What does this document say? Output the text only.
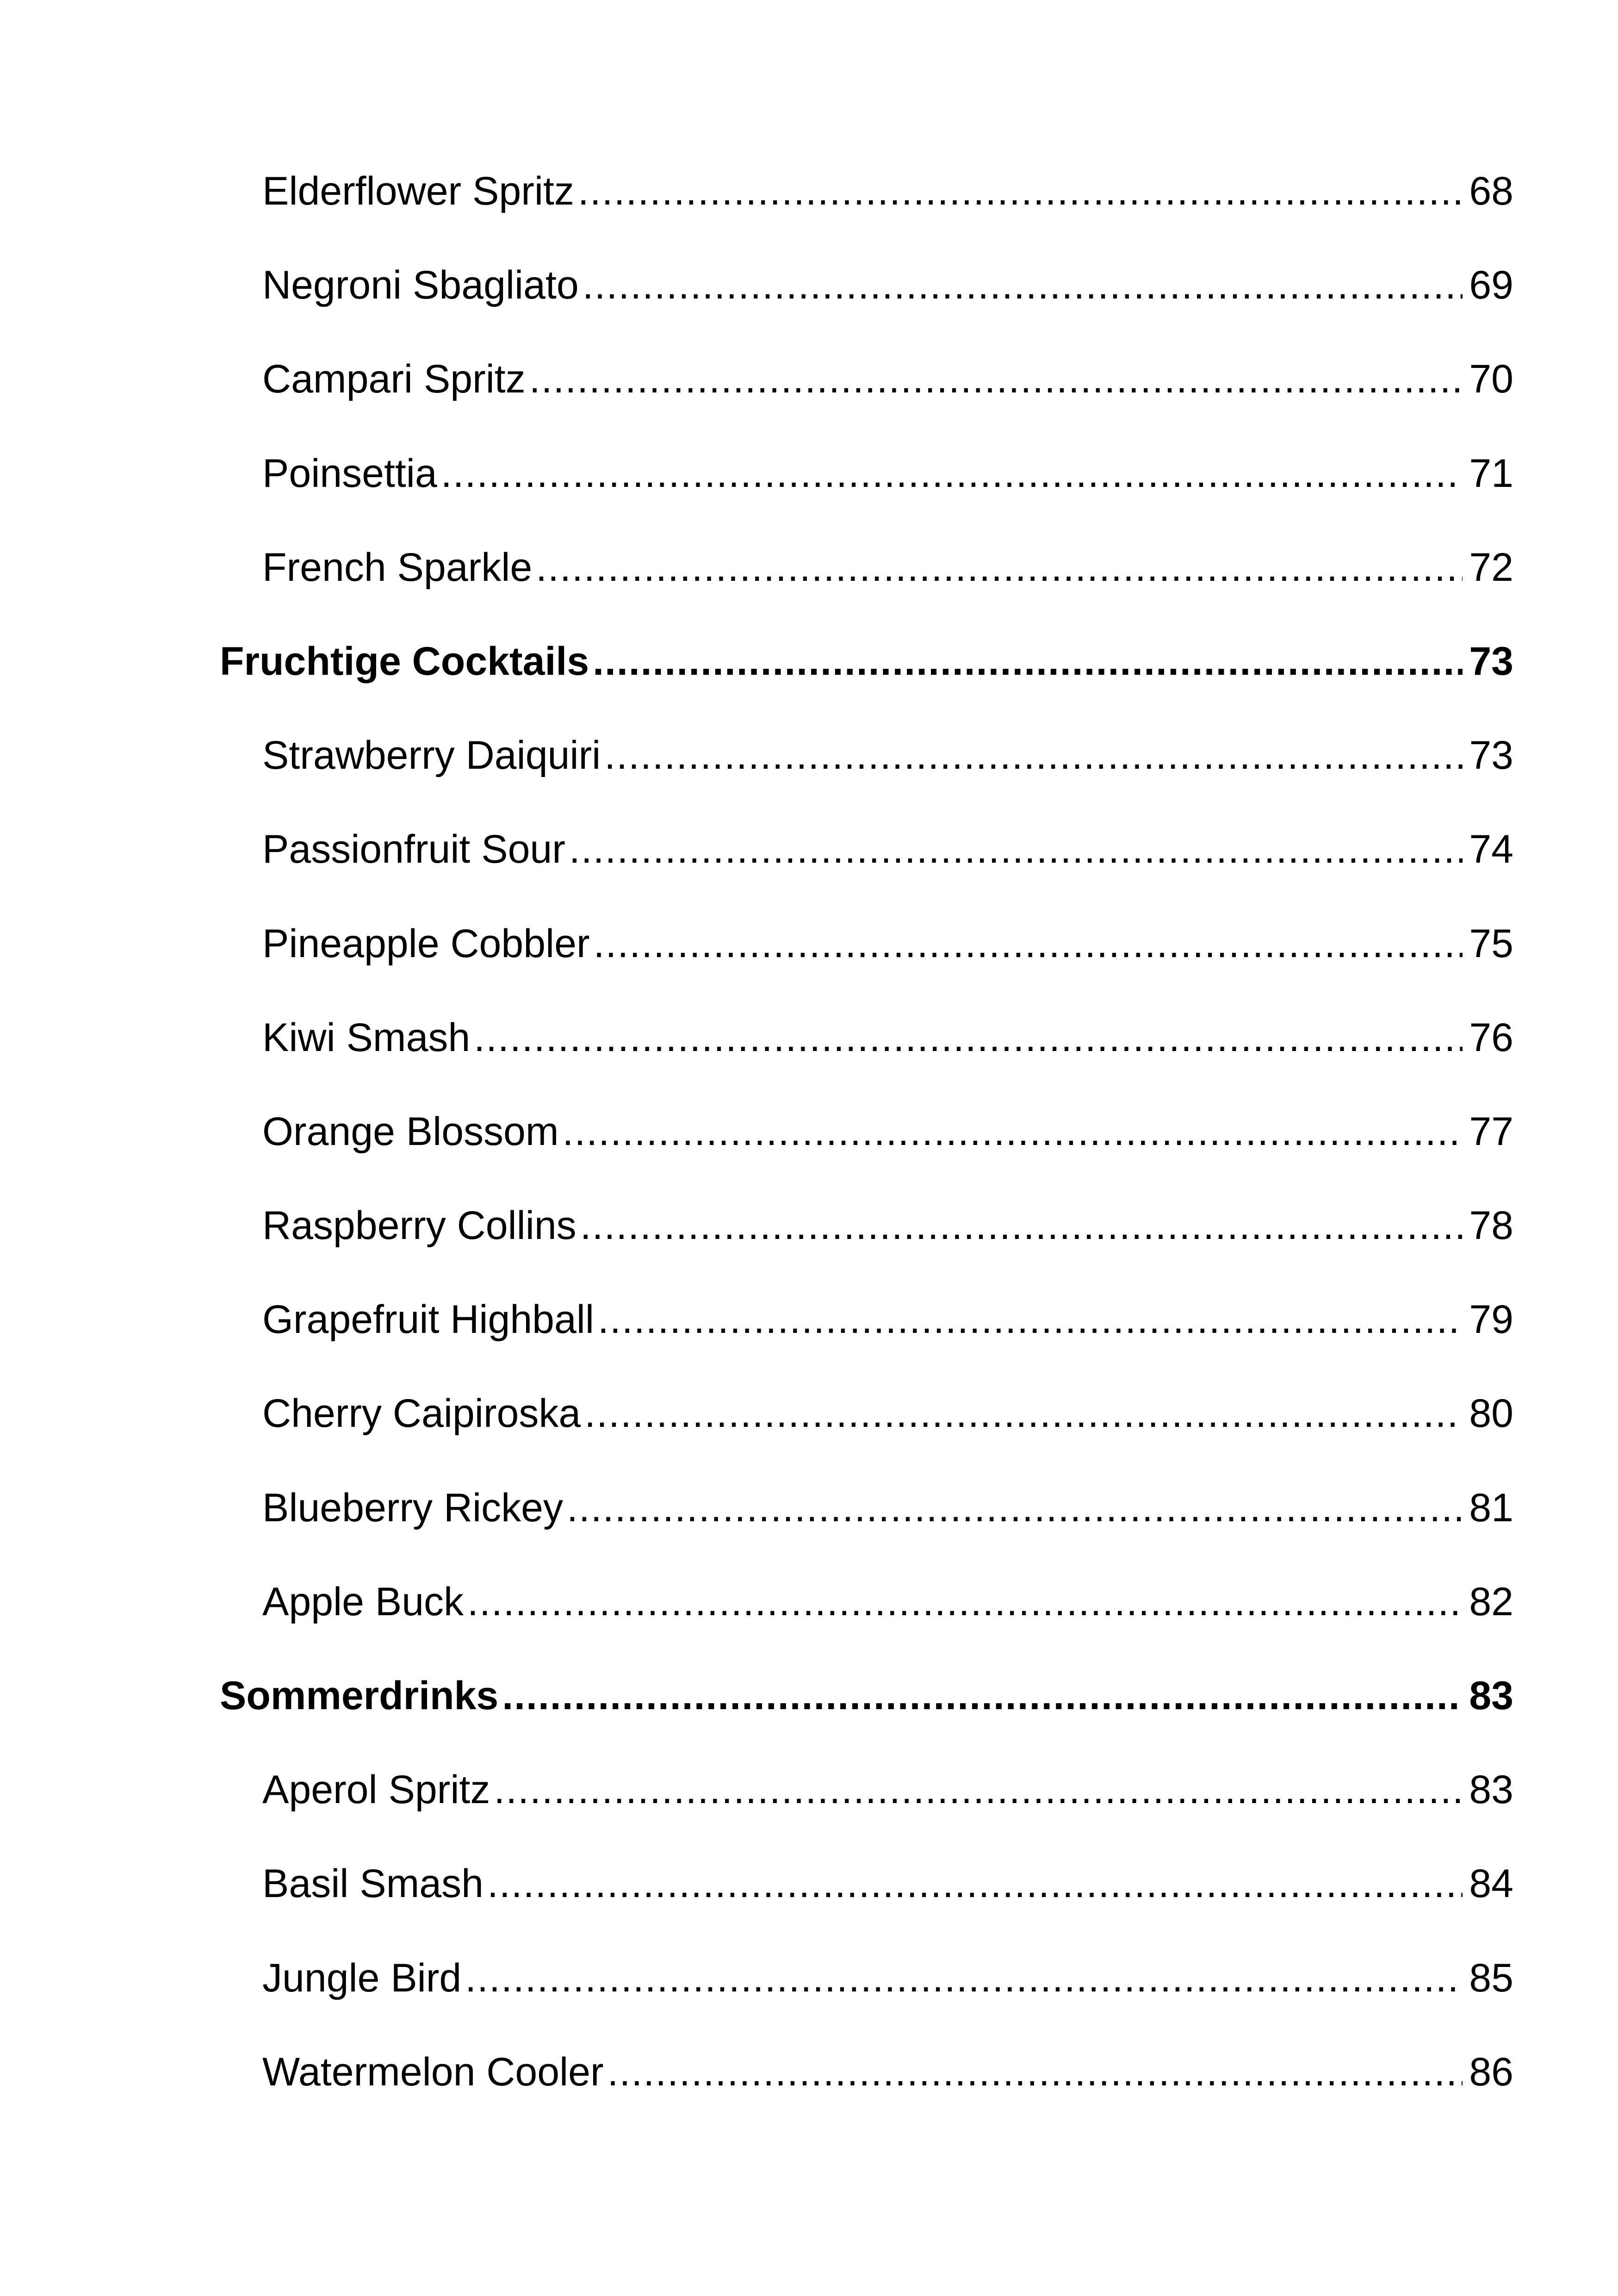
Elderflower Spritz .....	68
Negroni Sbagliato .....	69
Campari Spritz .....	70
Poinsettia .....	71
French Sparkle .....	72
Fruchtige Cocktails .....	73
Strawberry Daiquiri .....	73
Passionfruit Sour .....	74
Pineapple Cobbler .....	75
Kiwi Smash .....	76
Orange Blossom .....	77
Raspberry Collins .....	78
Grapefruit Highball .....	79
Cherry Caipiroska .....	80
Blueberry Rickey .....	81
Apple Buck .....	82
Sommerdrinks .....	83
Aperol Spritz .....	83
Basil Smash .....	84
Jungle Bird .....	85
Watermelon Cooler .....	86
